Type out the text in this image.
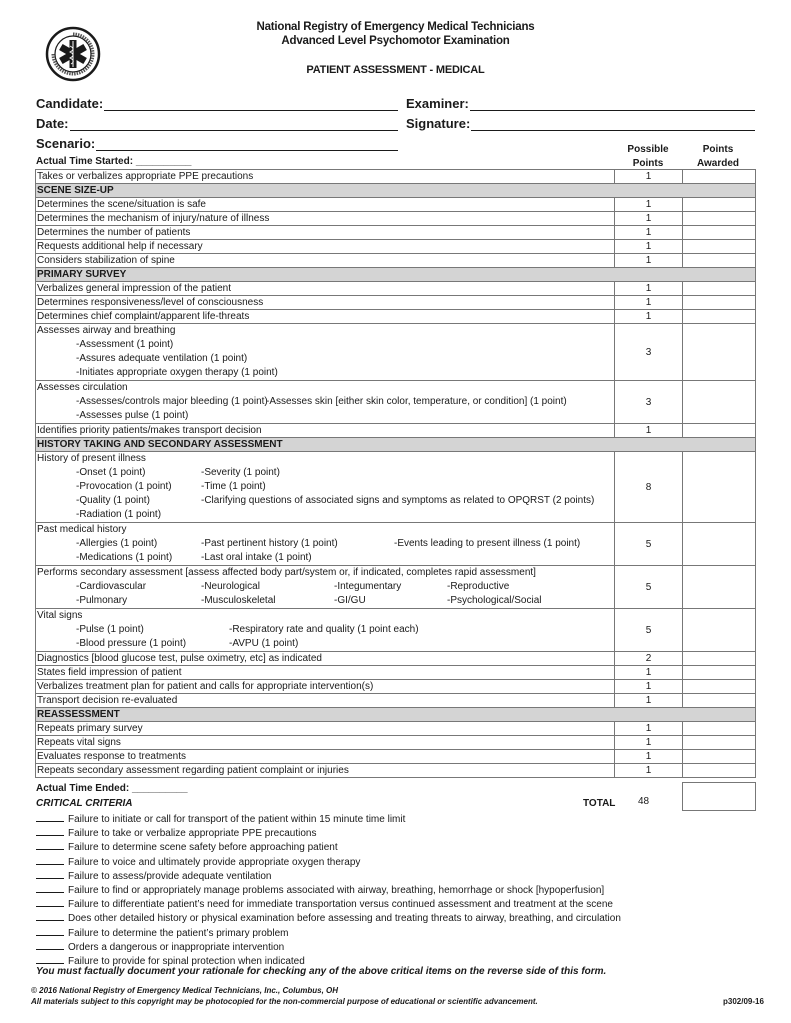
National Registry of Emergency Medical Technicians
Advanced Level Psychomotor Examination
PATIENT ASSESSMENT - MEDICAL
Candidate:	Examiner:
Date:	Signature:
Scenario:
Actual Time Started: __________
Possible
Points
Points
Awarded
Takes or verbalizes appropriate PPE precautions	1	
SCENE SIZE-UP		
Determines the scene/situation is safe	1	
Determines the mechanism of injury/nature of illness	1	
Determines the number of patients	1	
Requests additional help if necessary	1	
Considers stabilization of spine	1	
PRIMARY SURVEY		
Verbalizes general impression of the patient	1	
Determines responsiveness/level of consciousness	1	
Determines chief complaint/apparent life-threats	1	

Assesses airway and breathing
-Assessment (1 point)
-Assures adequate ventilation (1 point)
-Initiates appropriate oxygen therapy (1 point)	3	

Assesses circulation
-Assesses/controls major bleeding (1 point)
-Assesses skin [either skin color, temperature, or condition] (1 point)
-Assesses pulse (1 point)	3	
Identifies priority patients/makes transport decision	1	
HISTORY TAKING AND SECONDARY ASSESSMENT		

History of present illness
-Onset (1 point)	-Severity (1 point)
-Provocation (1 point)	-Time (1 point)
-Quality (1 point)	-Clarifying questions of associated signs and symptoms as related to OPQRST (2 points)
-Radiation (1 point)
	8	

Past medical history
-Allergies (1 point)	-Past pertinent history (1 point)	-Events leading to present illness (1 point)
-Medications (1 point)	-Last oral intake (1 point)
	5	

Performs secondary assessment [assess affected body part/system or, if indicated, completes rapid assessment]
-Cardiovascular	-Neurological	-Integumentary	-Reproductive
-Pulmonary	-Musculoskeletal	-GI/GU	-Psychological/Social
	5	

Vital signs
-Pulse (1 point) -Respiratory rate and quality (1 point each)
-Blood pressure (1 point) -AVPU (1 point)	5	
Diagnostics [blood glucose test, pulse oximetry, etc] as indicated	2	
States field impression of patient	1	
Verbalizes treatment plan for patient and calls for appropriate intervention(s)	1	
Transport decision re-evaluated	1	
REASSESSMENT		
Repeats primary survey	1	
Repeats vital signs	1	
Evaluates response to treatments	1	
Repeats secondary assessment regarding patient complaint or injuries	1	
Actual Time Ended: __________
CRITICAL CRITERIA	TOTAL 48
Failure to initiate or call for transport of the patient within 15 minute time limit
Failure to take or verbalize appropriate PPE precautions
Failure to determine scene safety before approaching patient
Failure to voice and ultimately provide appropriate oxygen therapy
Failure to assess/provide adequate ventilation
Failure to find or appropriately manage problems associated with airway, breathing, hemorrhage or shock [hypoperfusion]
Failure to differentiate patient’s need for immediate transportation versus continued assessment and treatment at the scene
Does other detailed history or physical examination before assessing and treating threats to airway, breathing, and circulation
Failure to determine the patient’s primary problem
Orders a dangerous or inappropriate intervention
Failure to provide for spinal protection when indicated
You must factually document your rationale for checking any of the above critical items on the reverse side of this form.
© 2016 National Registry of Emergency Medical Technicians, Inc., Columbus, OH
All materials subject to this copyright may be photocopied for the non-commercial purpose of educational or scientific advancement.	p302/09-16
